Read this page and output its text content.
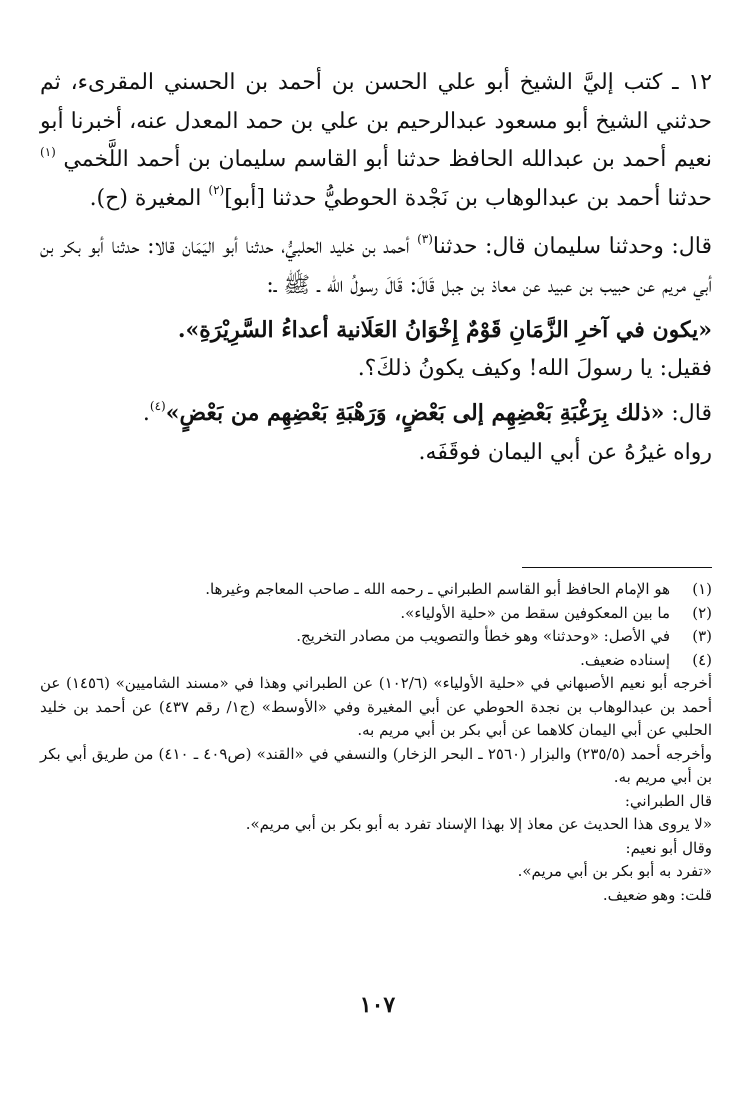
١٢ ـ كتب إليَّ الشيخ أبو علي الحسن بن أحمد بن الحسني المقرىء، ثم حدثني الشيخ أبو مسعود عبدالرحيم بن علي بن حمد المعدل عنه، أخبرنا أبو نعيم أحمد بن عبدالله الحافظ حدثنا أبو القاسم سليمان بن أحمد اللَّخمي $^{(١)}$ حدثنا أحمد بن عبدالوهاب بن نَجْدة الحوطيُّ حدثنا [أبو]$^{(٢)}$ المغيرة (ح).

قال: وحدثنا سليمان قال: حدثنا$^{(٣)}$ أحمد بن خليد الحلبيُّ، حدثنا أبو اليَمَان قالا: حدثنا أبو بكر بن أبي مريم عن حبيب بن عبيد عن معاذ بن جبل قَالَ: قَالَ رسولُ الله ـ ﷺ ـ:

«يكون في آخرِ الزَّمَانِ قَوْمٌ إِخْوَانُ العَلَانية أعداءُ السَّرِيْرَةِ».

فقيل: يا رسولَ الله! وكيف يكونُ ذلكَ؟.

قال: «ذلك بِرَغْبَةِ بَعْضِهِم إلى بَعْضٍ، وَرَهْبَةِ بَعْضِهِم من بَعْضٍ»$^{(٤)}$.

رواه غيرُهُ عن أبي اليمان فوقَفَه.

(١)
هو الإمام الحافظ أبو القاسم الطبراني ـ رحمه الله ـ صاحب المعاجم وغيرها.
(٢)
ما بين المعكوفين سقط من «حلية الأولياء».
(٣)
في الأصل: «وحدثنا» وهو خطأ والتصويب من مصادر التخريج.
(٤)
إسناده ضعيف.

أخرجه أبو نعيم الأصبهاني في «حلية الأولياء» (١٠٢/٦) عن الطبراني وهذا في «مسند الشاميين» (١٤٥٦) عن أحمد بن عبدالوهاب بن نجدة الحوطي عن أبي المغيرة وفي «الأوسط» (ج١/ رقم ٤٣٧) عن أحمد بن خليد الحلبي عن أبي اليمان كلاهما عن أبي بكر بن أبي مريم به.

وأخرجه أحمد (٢٣٥/٥) والبزار (٢٥٦٠ ـ البحر الزخار) والنسفي في «القند» (ص٤٠٩ ـ ٤١٠) من طريق أبي بكر بن أبي مريم به.

قال الطبراني:

«لا يروى هذا الحديث عن معاذ إلا بهذا الإسناد تفرد به أبو بكر بن أبي مريم».

وقال أبو نعيم:

«تفرد به أبو بكر بن أبي مريم».

قلت: وهو ضعيف.

١٠٧
